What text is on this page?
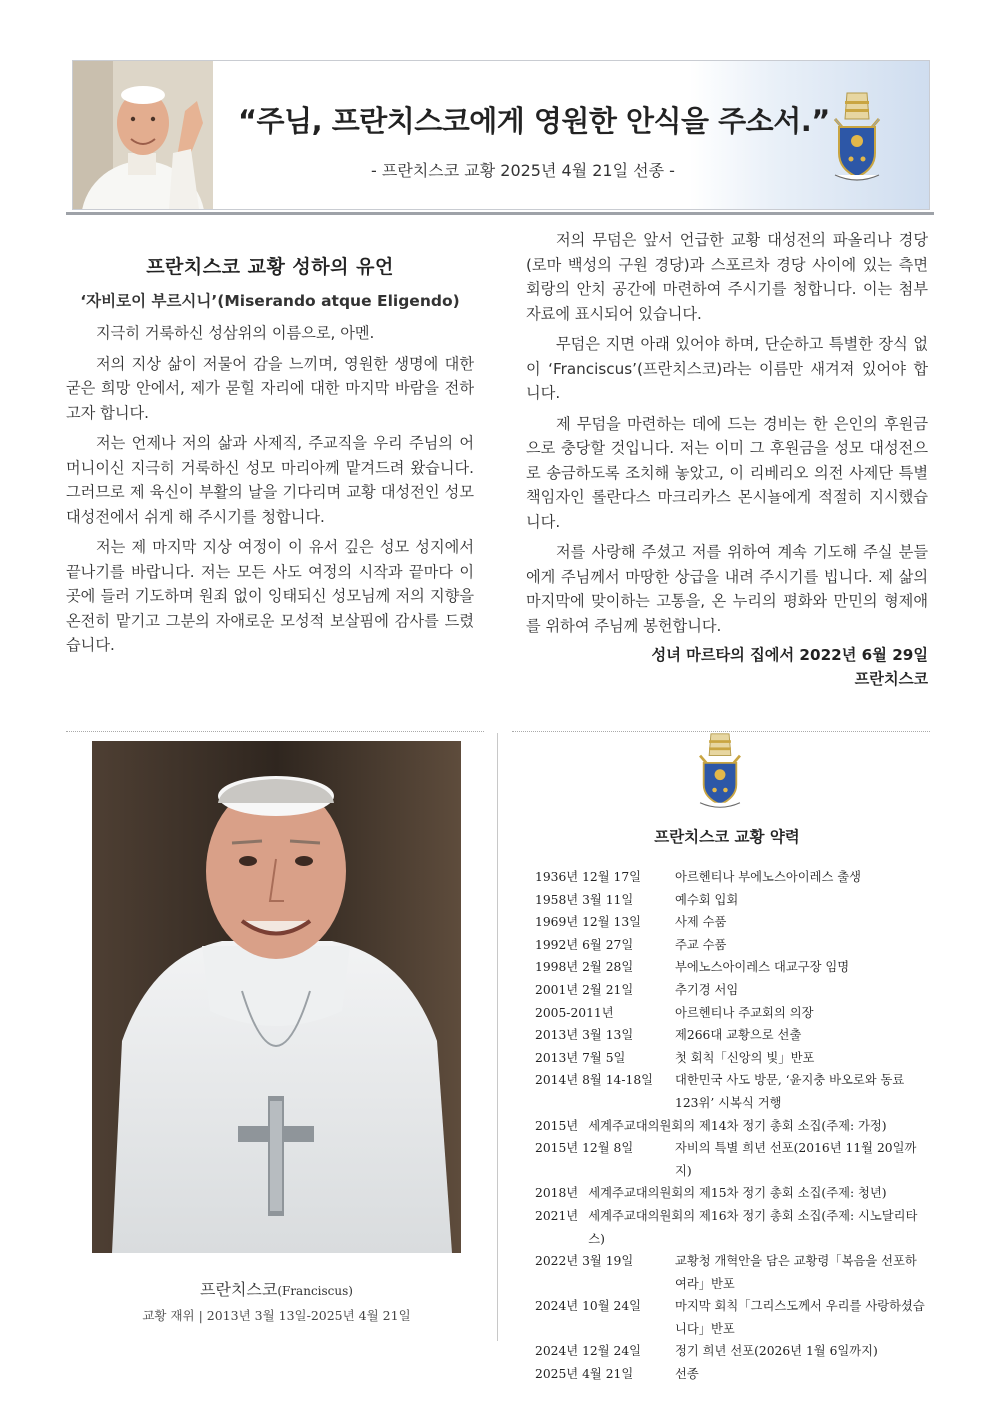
“주님, 프란치스코에게 영원한 안식을 주소서.”
- 프란치스코 교황 2025년 4월 21일 선종 -
프란치스코 교황 성하의 유언
‘자비로이 부르시니’(Miserando atque Eligendo)

지극히 거룩하신 성삼위의 이름으로, 아멘.

저의 지상 삶이 저물어 감을 느끼며, 영원한 생명에 대한 굳은 희망 안에서, 제가 묻힐 자리에 대한 마지막 바람을 전하고자 합니다.

저는 언제나 저의 삶과 사제직, 주교직을 우리 주님의 어머니이신 지극히 거룩하신 성모 마리아께 맡겨드려 왔습니다. 그러므로 제 육신이 부활의 날을 기다리며 교황 대성전인 성모 대성전에서 쉬게 해 주시기를 청합니다.

저는 제 마지막 지상 여정이 이 유서 깊은 성모 성지에서 끝나기를 바랍니다. 저는 모든 사도 여정의 시작과 끝마다 이곳에 들러 기도하며 원죄 없이 잉태되신 성모님께 저의 지향을 온전히 맡기고 그분의 자애로운 모성적 보살핌에 감사를 드렸습니다.

저의 무덤은 앞서 언급한 교황 대성전의 파올리나 경당(로마 백성의 구원 경당)과 스포르차 경당 사이에 있는 측면 회랑의 안치 공간에 마련하여 주시기를 청합니다. 이는 첨부 자료에 표시되어 있습니다.

무덤은 지면 아래 있어야 하며, 단순하고 특별한 장식 없이 ‘Franciscus’(프란치스코)라는 이름만 새겨져 있어야 합니다.

제 무덤을 마련하는 데에 드는 경비는 한 은인의 후원금으로 충당할 것입니다. 저는 이미 그 후원금을 성모 대성전으로 송금하도록 조치해 놓았고, 이 리베리오 의전 사제단 특별 책임자인 롤란다스 마크리카스 몬시뇰에게 적절히 지시했습니다.

저를 사랑해 주셨고 저를 위하여 계속 기도해 주실 분들에게 주님께서 마땅한 상급을 내려 주시기를 빕니다. 제 삶의 마지막에 맞이하는 고통을, 온 누리의 평화와 만민의 형제애를 위하여 주님께 봉헌합니다.

성녀 마르타의 집에서 2022년 6월 29일
프란치스코
프란치스코(Franciscus)
교황 재위 | 2013년 3월 13일-2025년 4월 21일
프란치스코 교황 약력
1936년 12월 17일	아르헨티나 부에노스아이레스 출생
1958년 3월 11일	예수회 입회
1969년 12월 13일	사제 수품
1992년 6월 27일	주교 수품
1998년 2월 28일	부에노스아이레스 대교구장 임명
2001년 2월 21일	추기경 서임
2005-2011년	아르헨티나 주교회의 의장
2013년 3월 13일	제266대 교황으로 선출
2013년 7월 5일	첫 회칙「신앙의 빛」반포
2014년 8월 14-18일	대한민국 사도 방문, ‘윤지충 바오로와 동료 123위’ 시복식 거행
2015년 세계주교대의원회의 제14차 정기 총회 소집(주제: 가정)
2015년 12월 8일	자비의 특별 희년 선포(2016년 11월 20일까지)
2018년 세계주교대의원회의 제15차 정기 총회 소집(주제: 청년)
2021년 세계주교대의원회의 제16차 정기 총회 소집(주제: 시노달리타스)
2022년 3월 19일	교황청 개혁안을 담은 교황령「복음을 선포하여라」반포
2024년 10월 24일	마지막 회칙「그리스도께서 우리를 사랑하셨습니다」반포
2024년 12월 24일	정기 희년 선포(2026년 1월 6일까지)
2025년 4월 21일	선종
